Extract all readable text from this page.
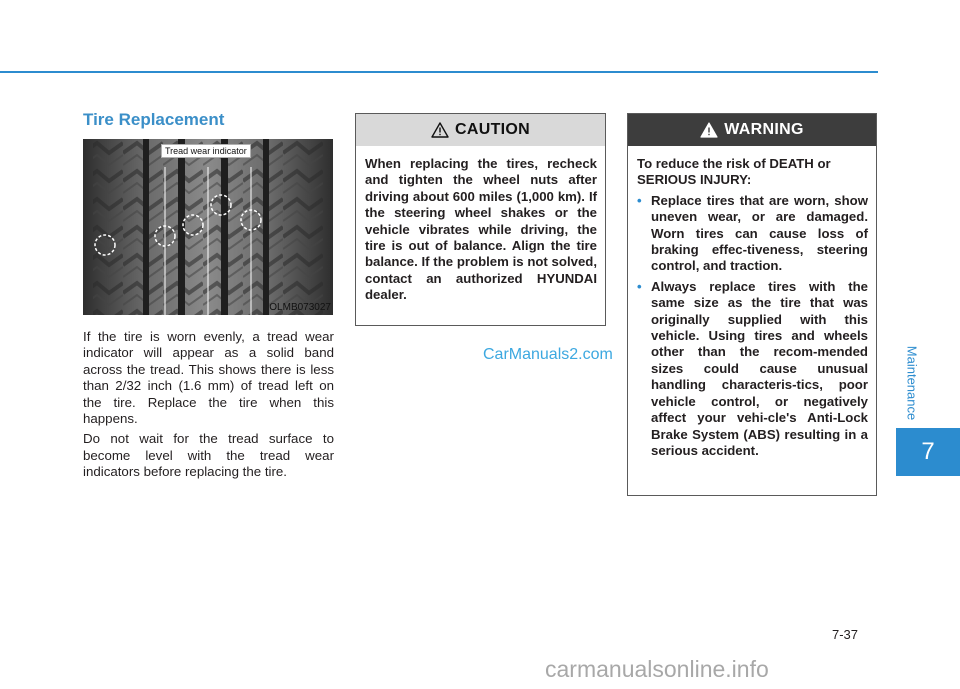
Tire Replacement
Tread wear indicator
OLMB073027

If the tire is worn evenly, a tread wear indicator will appear as a solid band across the tread. This shows there is less than 2/32 inch (1.6 mm) of tread left on the tire. Replace the tire when this happens.

Do not wait for the tread surface to become level with the tread wear indicators before replacing the tire.

CAUTION
When replacing the tires, recheck and tighten the wheel nuts after driving about 600 miles (1,000 km). If the steering wheel shakes or the vehicle vibrates while driving, the tire is out of balance. Align the tire balance. If the problem is not solved, contact an authorized HYUNDAI dealer.
WARNING

To reduce the risk of DEATH or SERIOUS INJURY:

• Replace tires that are worn, show uneven wear, or are damaged. Worn tires can cause loss of braking effec-tiveness, steering control, and traction.
• Always replace tires with the same size as the tire that was originally supplied with this vehicle. Using tires and wheels other than the recom-mended sizes could cause unusual handling characteris-tics, poor vehicle control, or negatively affect your vehi-cle's Anti-Lock Brake System (ABS) resulting in a serious accident.
CarManuals2.com	Maintenance
7
7-37
carmanualsonline.info
